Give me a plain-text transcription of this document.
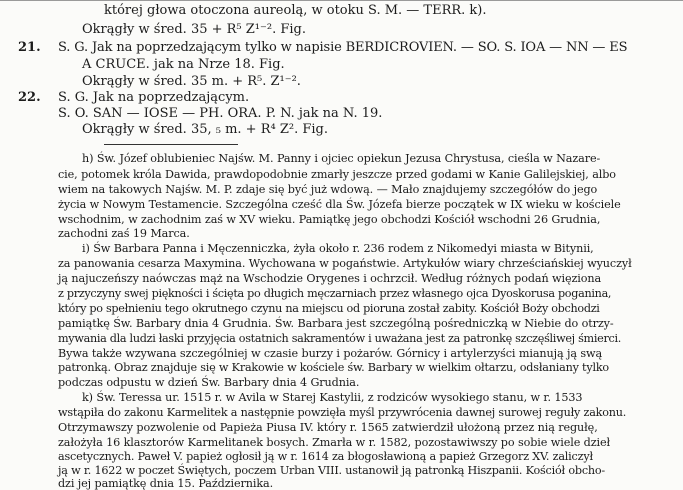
której głowa otoczona aureolą, w otoku S. M. — TERR. k).
Okrągły w śred. 35 + R⁵ Z¹⁻². Fig.
21. S. G. Jak na poprzedzającym tylko w napisie BERDICROVIEN. — SO. S. IOA — NN — ES
A CRUCE. jak na Nrze 18. Fig.
Okrągły w śred. 35 m. + R⁵. Z¹⁻².
22. S. G. Jak na poprzedzającym.
S. O. SAN — IOSE — PH. ORA. P. N. jak na N. 19.
Okrągły w śred. 35, ₅ m. + R⁴ Z². Fig.
h) Św. Józef oblubieniec Najśw. M. Panny i ojciec opiekun Jezusa Chrystusa, cieśla w Nazare-
cie, potomek króla Dawida, prawdopodobnie zmarły jeszcze przed godami w Kanie Galilejskiej, albo
wiem na takowych Najśw. M. P. zdaje się być już wdową. — Mało znajdujemy szczegółów do jego
życia w Nowym Testamencie. Szczególna cześć dla Św. Józefa bierze początek w IX wieku w kościele
wschodnim, w zachodnim zaś w XV wieku. Pamiątkę jego obchodzi Kościół wschodni 26 Grudnia,
zachodni zaś 19 Marca.
i) Św Barbara Panna i Męczenniczka, żyła około r. 236 rodem z Nikomedyi miasta w Bitynii,
za panowania cesarza Maxymina. Wychowana w pogaństwie. Artykułów wiary chrześciańskiej wyuczył
ją najuczeńszy naówczas mąż na Wschodzie Orygenes i ochrzcił. Według różnych podań więziona
z przyczyny swej piękności i ścięta po długich męczarniach przez własnego ojca Dyoskorusa poganina,
który po spełnieniu tego okrutnego czynu na miejscu od pioruna został zabity. Kościół Boży obchodzi
pamiątkę Św. Barbary dnia 4 Grudnia. Św. Barbara jest szczególną pośredniczką w Niebie do otrzy-
mywania dla ludzi łaski przyjęcia ostatnich sakramentów i uważana jest za patronkę szczęśliwej śmierci.
Bywa także wzywana szczególniej w czasie burzy i pożarów. Górnicy i artylerzyści mianują ją swą
patronką. Obraz znajduje się w Krakowie w kościele św. Barbary w wielkim ołtarzu, odsłaniany tylko
podczas odpustu w dzień Św. Barbary dnia 4 Grudnia.
k) Św. Teressa ur. 1515 r. w Avila w Starej Kastylii, z rodziców wysokiego stanu, w r. 1533
wstąpiła do zakonu Karmelitek a następnie powzięła myśl przywrócenia dawnej surowej reguły zakonu.
Otrzymawszy pozwolenie od Papieża Piusa IV. który r. 1565 zatwierdził ułożoną przez nią regułę,
założyła 16 klasztorów Karmelitanek bosych. Zmarła w r. 1582, pozostawiwszy po sobie wiele dzieł
ascetycznych. Paweł V. papież ogłosił ją w r. 1614 za błogosławioną a papież Grzegorz XV. zaliczył
ją w r. 1622 w poczet Świętych, poczem Urban VIII. ustanowił ją patronką Hiszpanii. Kościół obcho-
dzi jej pamiątkę dnia 15. Października.
